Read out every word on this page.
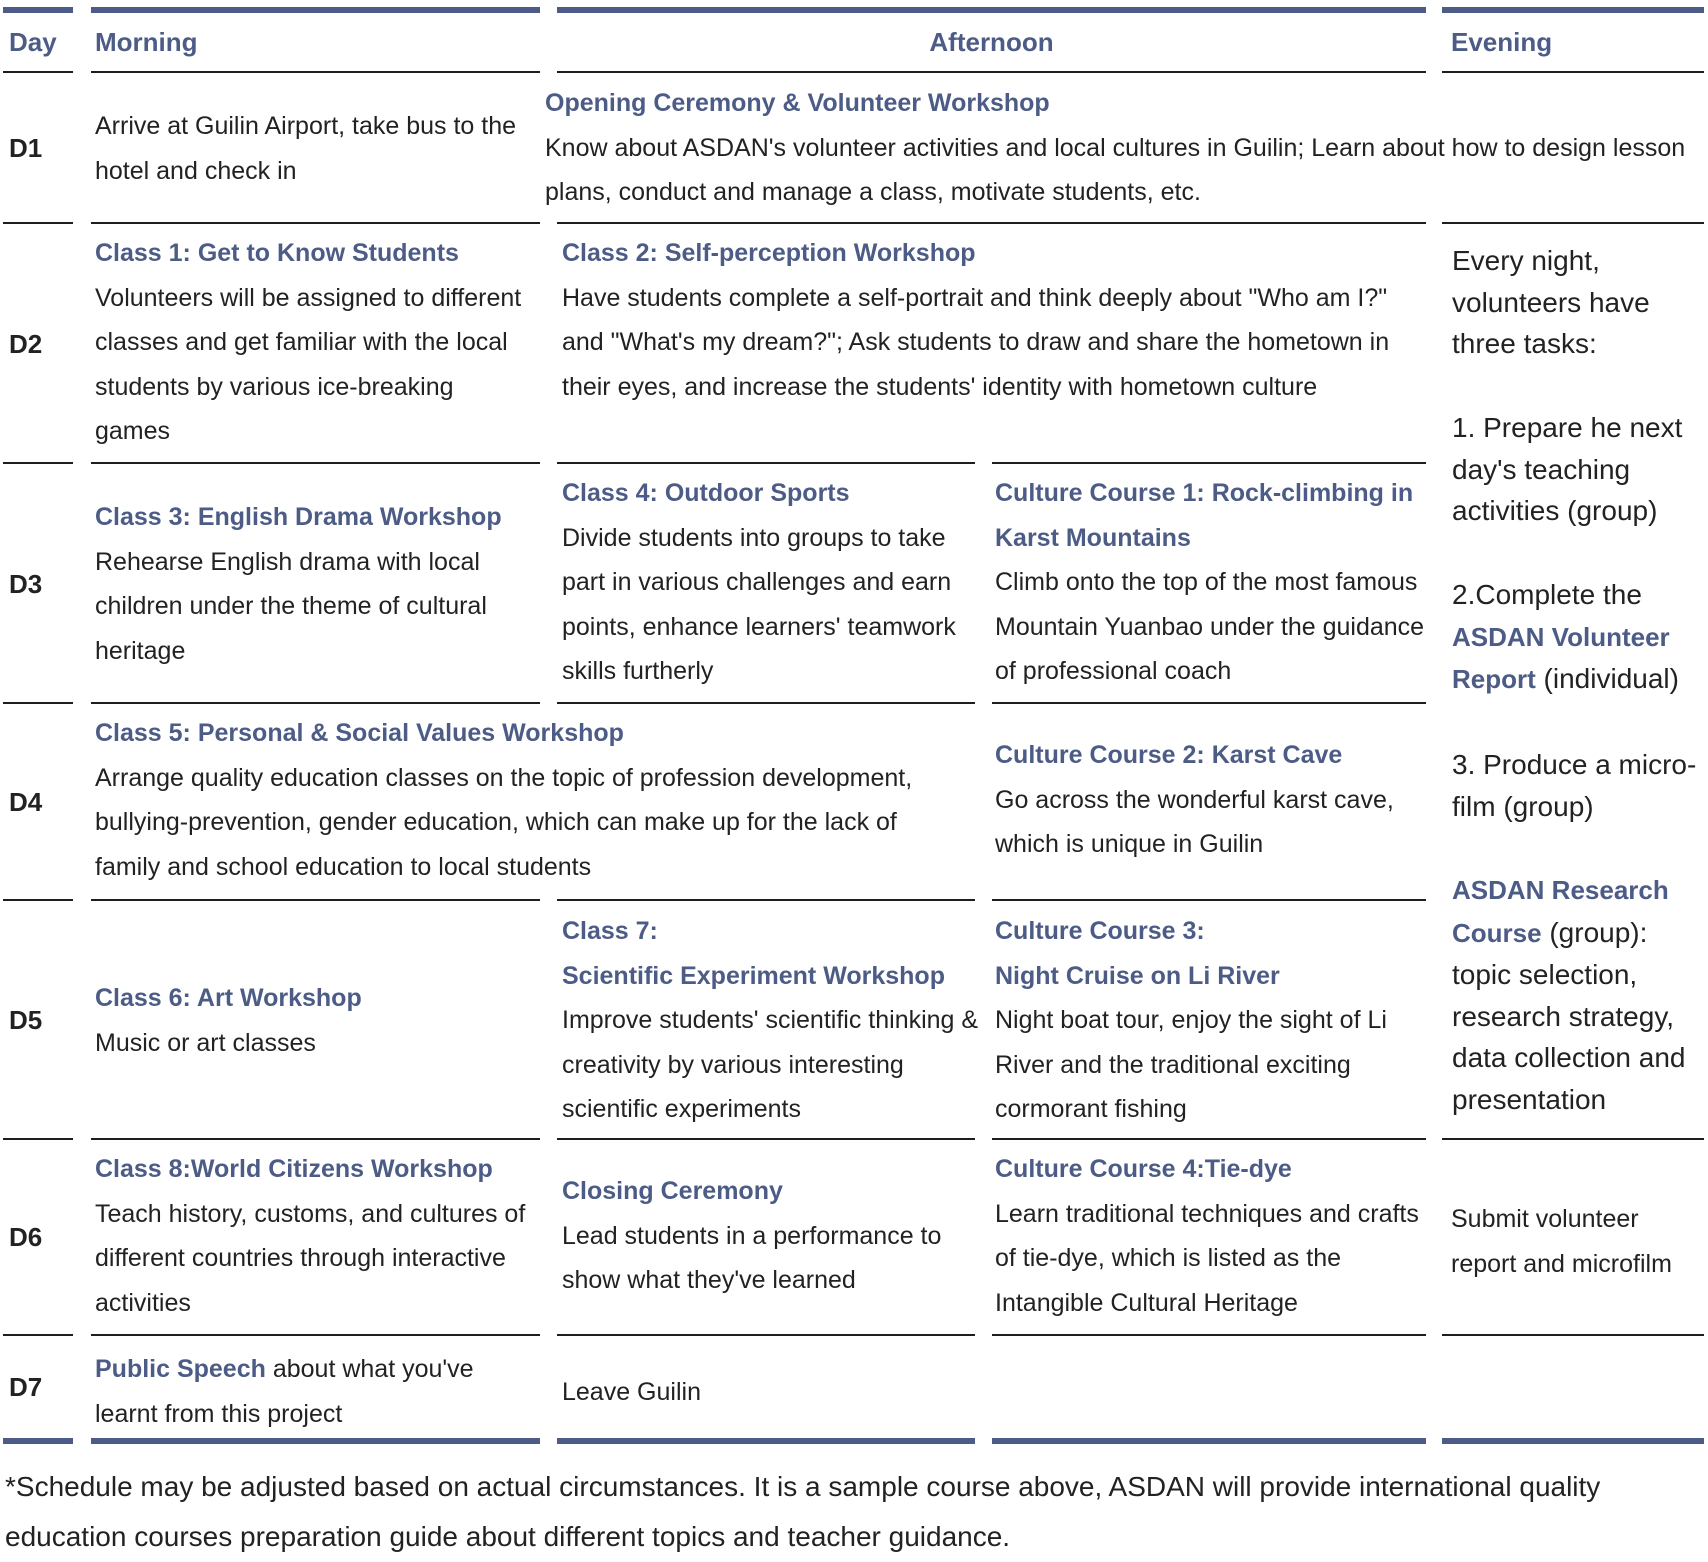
Day Morning	Afternoon	Evening
D1
D2
D3
D4
D5
D6
D7
Arrive at Guilin Airport, take bus to the hotel and check in
Opening Ceremony & Volunteer Workshop
Know about ASDAN's volunteer activities and local cultures in Guilin; Learn about how to design lesson plans, conduct and manage a class, motivate students, etc.
Class 1: Get to Know Students
Volunteers will be assigned to different classes and get familiar with the local students by various ice-breaking games
Class 2: Self-perception Workshop
Have students complete a self-portrait and think deeply about "Who am I?" and "What's my dream?"; Ask students to draw and share the hometown in their eyes, and increase the students' identity with hometown culture
Class 3: English Drama Workshop
Rehearse English drama with local children under the theme of cultural heritage
Class 4: Outdoor Sports
Divide students into groups to take part in various challenges and earn points, enhance learners' teamwork skills furtherly
Culture Course 1: Rock-climbing in Karst Mountains
Climb onto the top of the most famous Mountain Yuanbao under the guidance of professional coach
Class 5: Personal & Social Values Workshop
Arrange quality education classes on the topic of profession development, bullying-prevention, gender education, which can make up for the lack of family and school education to local students
Culture Course 2: Karst Cave
Go across the wonderful karst cave, which is unique in Guilin
Class 6: Art Workshop
Music or art classes
Class 7:
Scientific Experiment Workshop
Improve students' scientific thinking & creativity by various interesting scientific experiments
Culture Course 3:
Night Cruise on Li River
Night boat tour, enjoy the sight of Li River and the traditional exciting cormorant fishing
Class 8:World Citizens Workshop
Teach history, customs, and cultures of different countries through interactive activities
Closing Ceremony
Lead students in a performance to show what they've learned
Culture Course 4:Tie-dye
Learn traditional techniques and crafts of tie-dye, which is listed as the Intangible Cultural Heritage
Submit volunteer report and microfilm
Public Speech about what you've learnt from this project
Leave Guilin
Every night, volunteers have three tasks:
1. Prepare he next day's teaching activities (group)
2.Complete the ASDAN Volunteer Report (individual)
3. Produce a micro-film (group)
ASDAN Research Course (group): topic selection, research strategy, data collection and presentation
*Schedule may be adjusted based on actual circumstances. It is a sample course above, ASDAN will provide international quality education courses preparation guide about different topics and teacher guidance.
